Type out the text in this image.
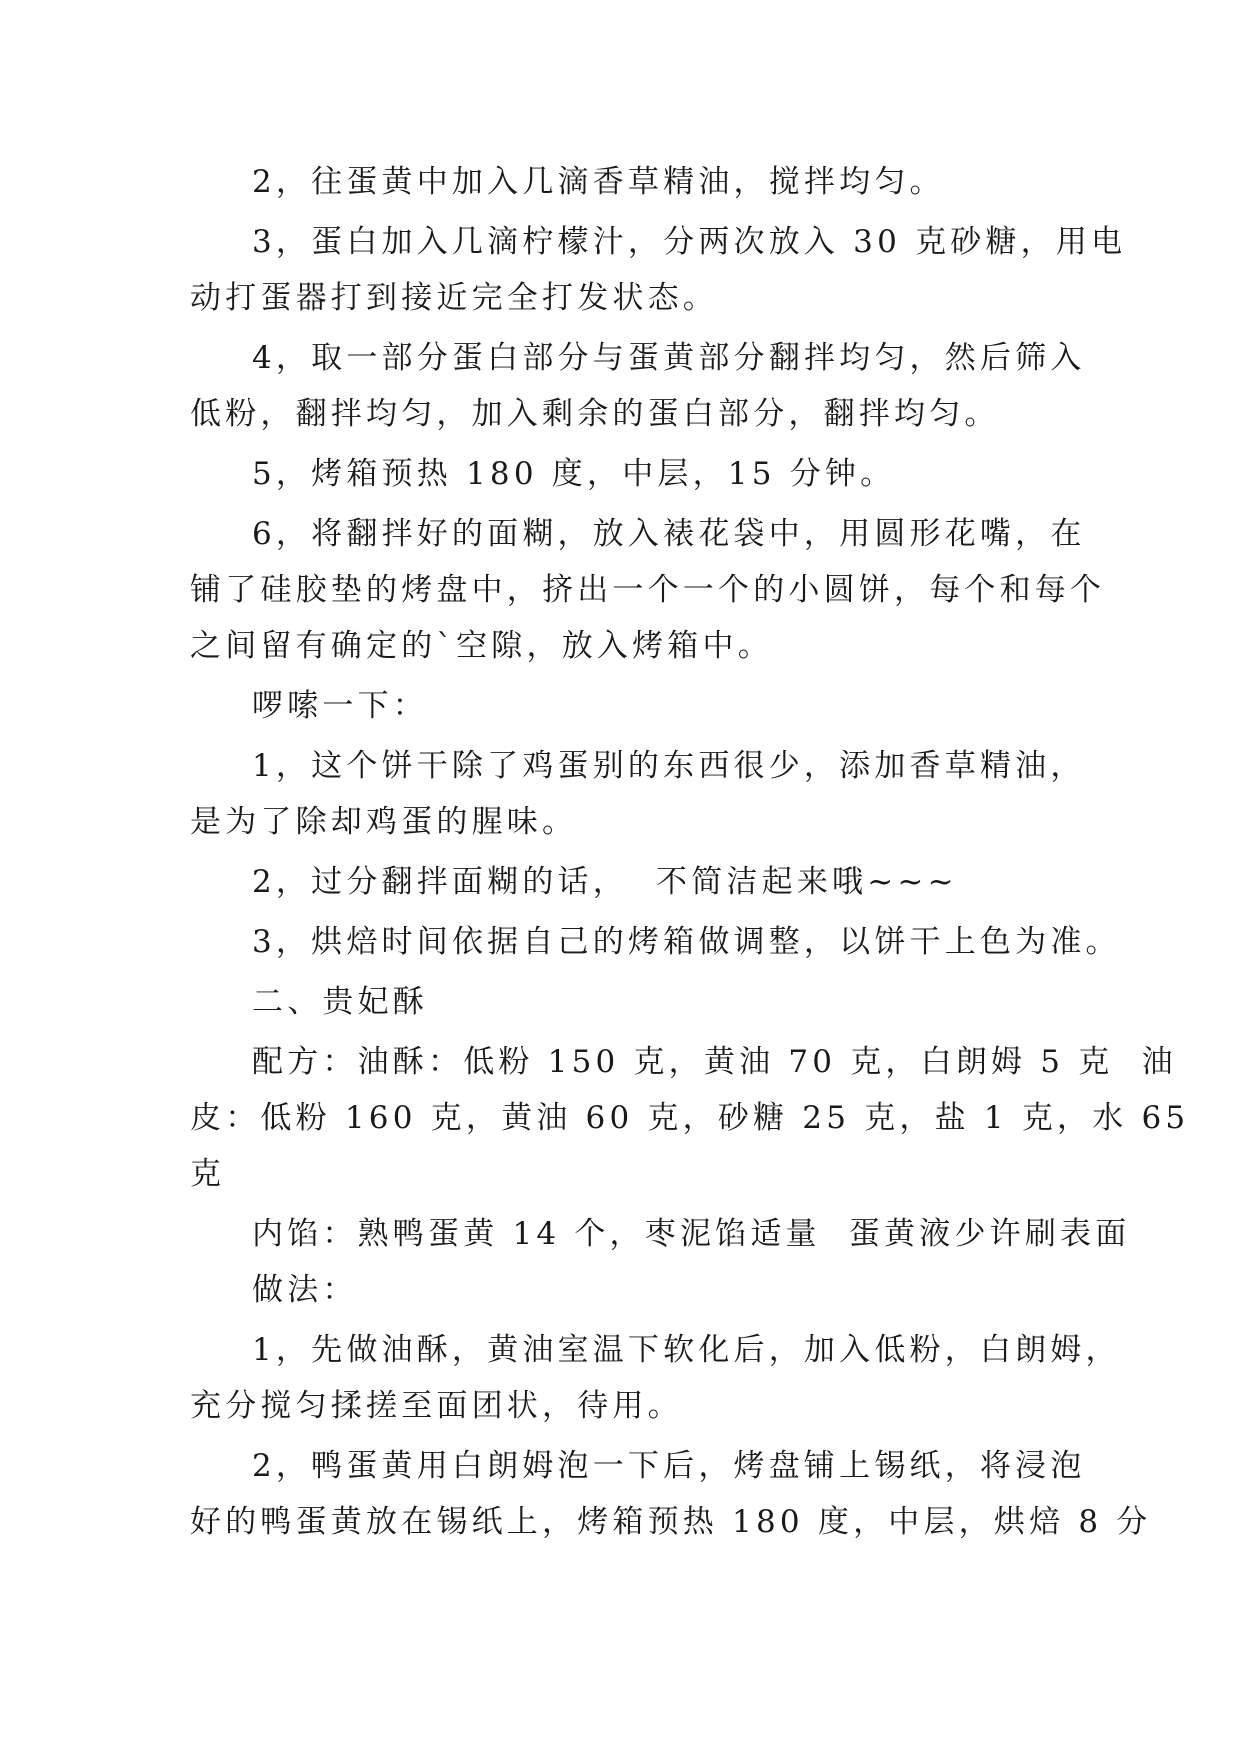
2，往蛋黄中加入几滴香草精油，搅拌均匀。
3，蛋白加入几滴柠檬汁，分两次放入 30 克砂糖，用电
动打蛋器打到接近完全打发状态。
4，取一部分蛋白部分与蛋黄部分翻拌均匀，然后筛入
低粉，翻拌均匀，加入剩余的蛋白部分，翻拌均匀。
5，烤箱预热 180 度，中层，15 分钟。
6，将翻拌好的面糊，放入裱花袋中，用圆形花嘴，在
铺了硅胶垫的烤盘中，挤出一个一个的小圆饼，每个和每个
之间留有确定的`空隙，放入烤箱中。
啰嗦一下：
1，这个饼干除了鸡蛋别的东西很少，添加香草精油，
是为了除却鸡蛋的腥味。
2，过分翻拌面糊的话，  不简洁起来哦~~~
3，烘焙时间依据自己的烤箱做调整，以饼干上色为准。
二、贵妃酥
配方：油酥：低粉 150 克，黄油 70 克，白朗姆 5 克  油
皮：低粉 160 克，黄油 60 克，砂糖 25 克，盐 1 克，水 65
克
内馅：熟鸭蛋黄 14 个，枣泥馅适量  蛋黄液少许刷表面
做法：
1，先做油酥，黄油室温下软化后，加入低粉，白朗姆，
充分搅匀揉搓至面团状，待用。
2，鸭蛋黄用白朗姆泡一下后，烤盘铺上锡纸，将浸泡
好的鸭蛋黄放在锡纸上，烤箱预热 180 度，中层，烘焙 8 分
